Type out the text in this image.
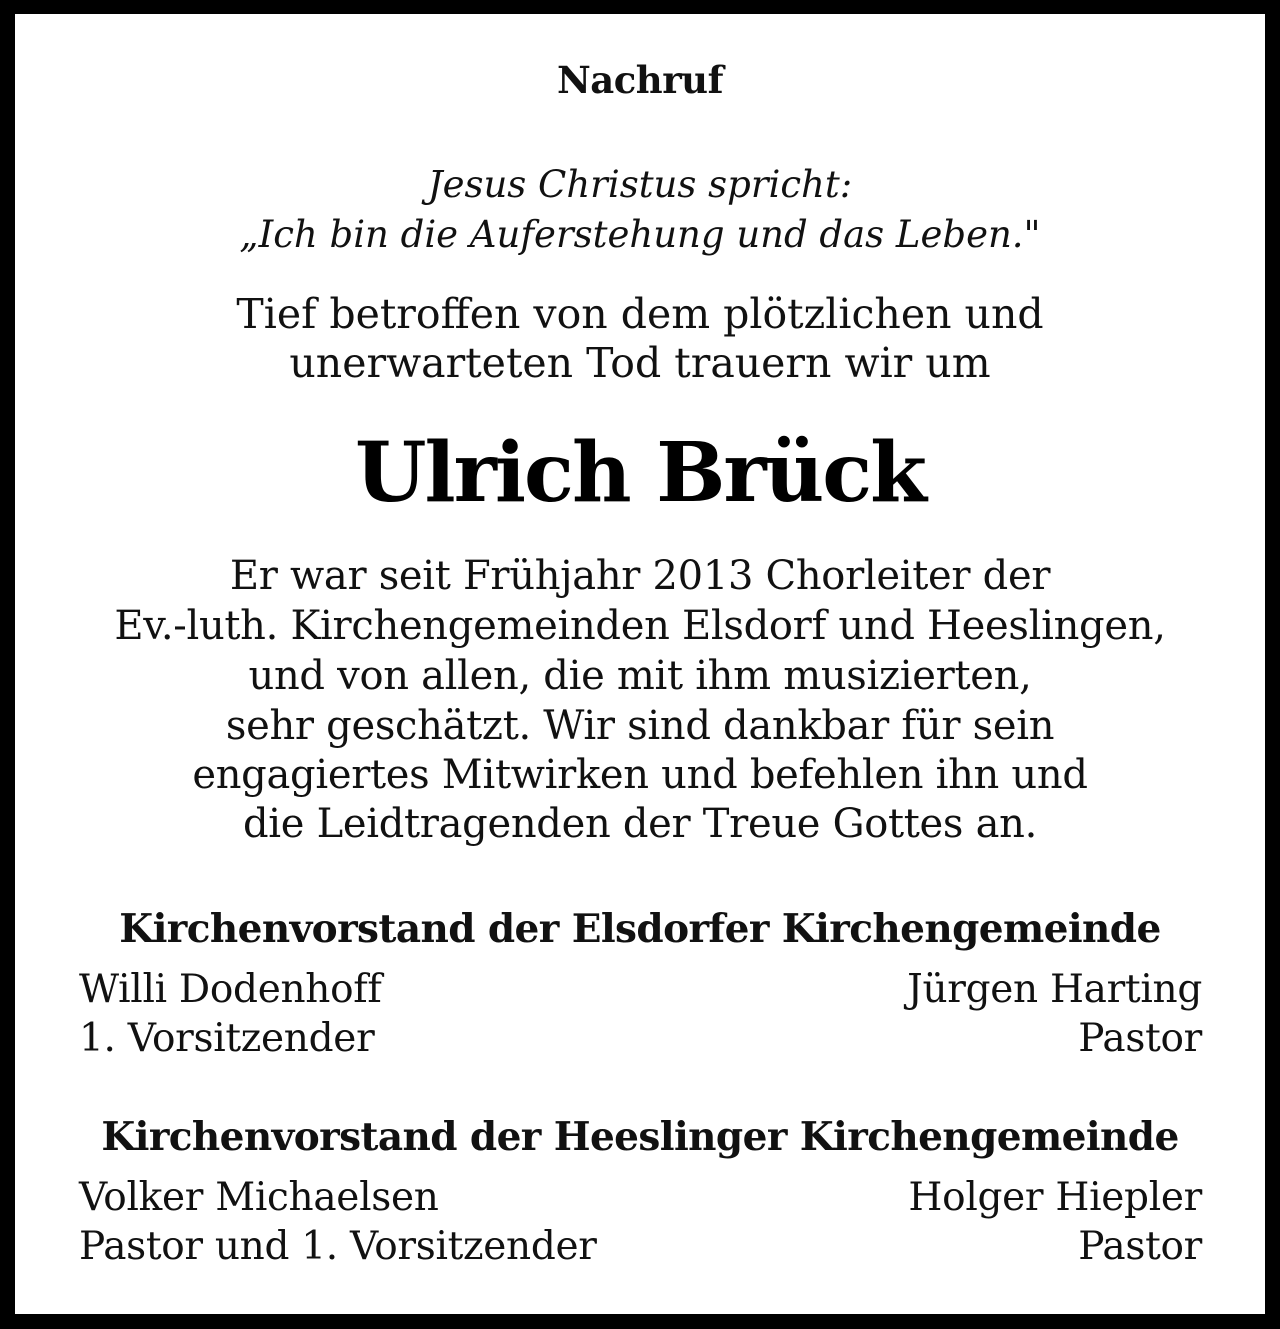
Nachruf
Jesus Christus spricht:
„Ich bin die Auferstehung und das Leben."
Tief betroffen von dem plötzlichen und
unerwarteten Tod trauern wir um
Ulrich Brück
Er war seit Frühjahr 2013 Chorleiter der
Ev.-luth. Kirchengemeinden Elsdorf und Heeslingen,
und von allen, die mit ihm musizierten,
sehr geschätzt. Wir sind dankbar für sein
engagiertes Mitwirken und befehlen ihn und
die Leidtragenden der Treue Gottes an.
Kirchenvorstand der Elsdorfer Kirchengemeinde
Willi Dodenhoff	Jürgen Harting
1. Vorsitzender	Pastor
Kirchenvorstand der Heeslinger Kirchengemeinde
Volker Michaelsen	Holger Hiepler
Pastor und 1. Vorsitzender	Pastor
